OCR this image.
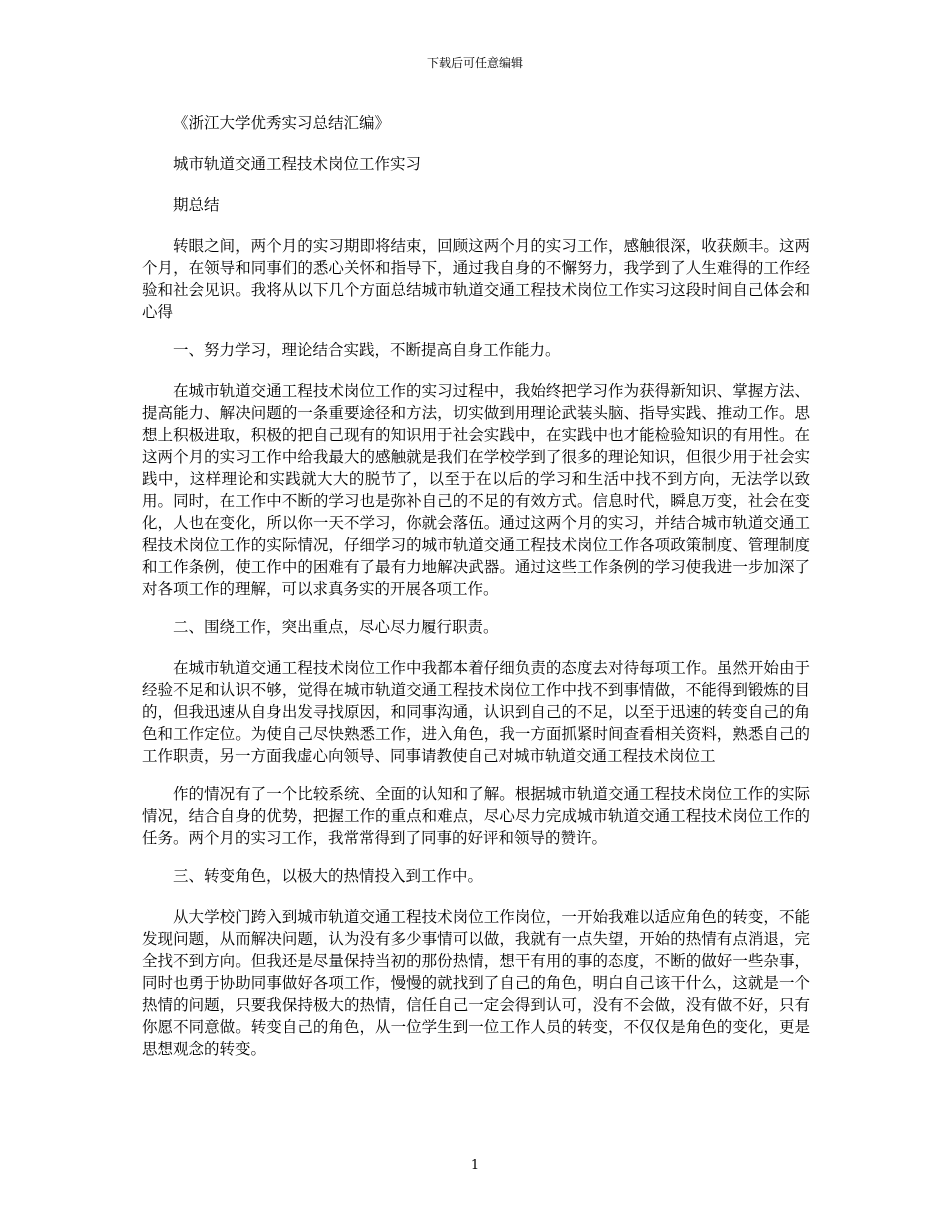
下载后可任意编辑

《浙江大学优秀实习总结汇编》

城市轨道交通工程技术岗位工作实习

期总结

转眼之间，两个月的实习期即将结束，回顾这两个月的实习工作，感触很深，收获颇丰。这两个月，在领导和同事们的悉心关怀和指导下，通过我自身的不懈努力，我学到了人生难得的工作经验和社会见识。我将从以下几个方面总结城市轨道交通工程技术岗位工作实习这段时间自己体会和心得

一、努力学习，理论结合实践，不断提高自身工作能力。

在城市轨道交通工程技术岗位工作的实习过程中，我始终把学习作为获得新知识、掌握方法、提高能力、解决问题的一条重要途径和方法，切实做到用理论武装头脑、指导实践、推动工作。思想上积极进取，积极的把自己现有的知识用于社会实践中，在实践中也才能检验知识的有用性。在这两个月的实习工作中给我最大的感触就是我们在学校学到了很多的理论知识，但很少用于社会实践中，这样理论和实践就大大的脱节了，以至于在以后的学习和生活中找不到方向，无法学以致用。同时，在工作中不断的学习也是弥补自己的不足的有效方式。信息时代，瞬息万变，社会在变化，人也在变化，所以你一天不学习，你就会落伍。通过这两个月的实习，并结合城市轨道交通工程技术岗位工作的实际情况，仔细学习的城市轨道交通工程技术岗位工作各项政策制度、管理制度和工作条例，使工作中的困难有了最有力地解决武器。通过这些工作条例的学习使我进一步加深了对各项工作的理解，可以求真务实的开展各项工作。

二、围绕工作，突出重点，尽心尽力履行职责。

在城市轨道交通工程技术岗位工作中我都本着仔细负责的态度去对待每项工作。虽然开始由于经验不足和认识不够，觉得在城市轨道交通工程技术岗位工作中找不到事情做，不能得到锻炼的目的，但我迅速从自身出发寻找原因，和同事沟通，认识到自己的不足，以至于迅速的转变自己的角色和工作定位。为使自己尽快熟悉工作，进入角色，我一方面抓紧时间查看相关资料，熟悉自己的工作职责，另一方面我虚心向领导、同事请教使自己对城市轨道交通工程技术岗位工

作的情况有了一个比较系统、全面的认知和了解。根据城市轨道交通工程技术岗位工作的实际情况，结合自身的优势，把握工作的重点和难点，尽心尽力完成城市轨道交通工程技术岗位工作的任务。两个月的实习工作，我常常得到了同事的好评和领导的赞许。

三、转变角色，以极大的热情投入到工作中。

从大学校门跨入到城市轨道交通工程技术岗位工作岗位，一开始我难以适应角色的转变，不能发现问题，从而解决问题，认为没有多少事情可以做，我就有一点失望，开始的热情有点消退，完全找不到方向。但我还是尽量保持当初的那份热情，想干有用的事的态度，不断的做好一些杂事，同时也勇于协助同事做好各项工作，慢慢的就找到了自己的角色，明白自己该干什么，这就是一个热情的问题，只要我保持极大的热情，信任自己一定会得到认可，没有不会做，没有做不好，只有你愿不同意做。转变自己的角色，从一位学生到一位工作人员的转变，不仅仅是角色的变化，更是思想观念的转变。

1
